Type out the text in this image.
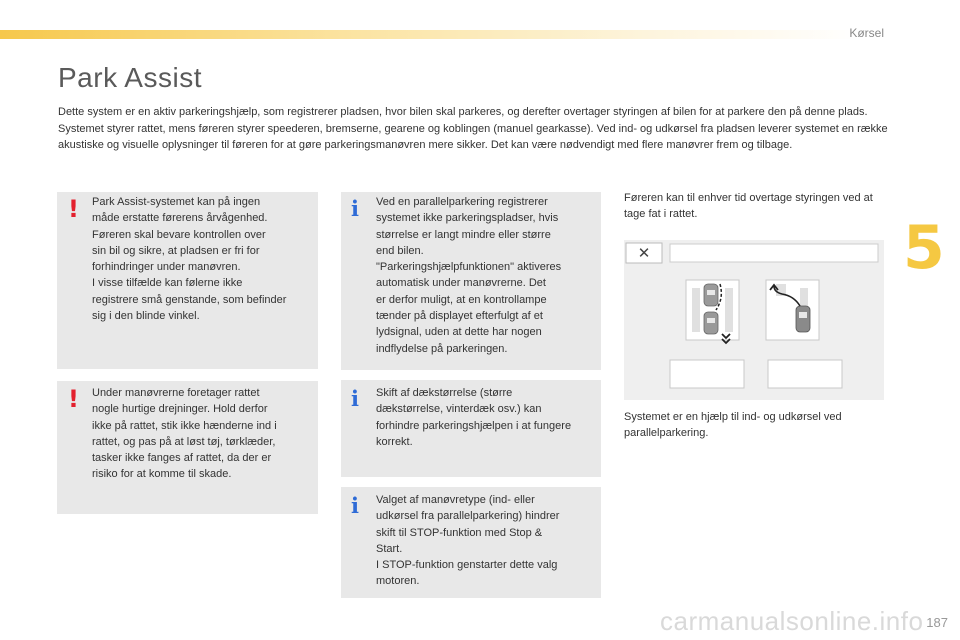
Kørsel
5
Park Assist

Dette system er en aktiv parkeringshjælp, som registrerer pladsen, hvor bilen skal parkeres, og derefter overtager styringen af bilen for at parkere den på denne plads.

Systemet styrer rattet, mens føreren styrer speederen, bremserne, gearene og koblingen (manuel gearkasse). Ved ind- og udkørsel fra pladsen leverer systemet en række akustiske og visuelle oplysninger til føreren for at gøre parkeringsmanøvren mere sikker. Det kan være nødvendigt med flere manøvrer frem og tilbage.

! Park Assist-systemet kan på ingen
måde erstatte førerens årvågenhed.
Føreren skal bevare kontrollen over
sin bil og sikre, at pladsen er fri for
forhindringer under manøvren.
I visse tilfælde kan følerne ikke
registrere små genstande, som befinder
sig i den blinde vinkel.
! Under manøvrerne foretager rattet
nogle hurtige drejninger. Hold derfor
ikke på rattet, stik ikke hænderne ind i
rattet, og pas på at løst tøj, tørklæder,
tasker ikke fanges af rattet, da der er
risiko for at komme til skade.
i Ved en parallelparkering registrerer
systemet ikke parkeringspladser, hvis
størrelse er langt mindre eller større
end bilen.
"Parkeringshjælpfunktionen" aktiveres
automatisk under manøvrerne. Det
er derfor muligt, at en kontrollampe
tænder på displayet efterfulgt af et
lydsignal, uden at dette har nogen
indflydelse på parkeringen.
i Skift af dækstørrelse (større
dækstørrelse, vinterdæk osv.) kan
forhindre parkeringshjælpen i at fungere
korrekt.
i Valget af manøvretype (ind- eller
udkørsel fra parallelparkering) hindrer
skift til STOP-funktion med Stop &
Start.
I STOP-funktion genstarter dette valg
motoren.
Føreren kan til enhver tid overtage styringen ved at tage fat i rattet.
✕
Systemet er en hjælp til ind- og udkørsel ved parallelparkering.
187
carmanualsonline.info
